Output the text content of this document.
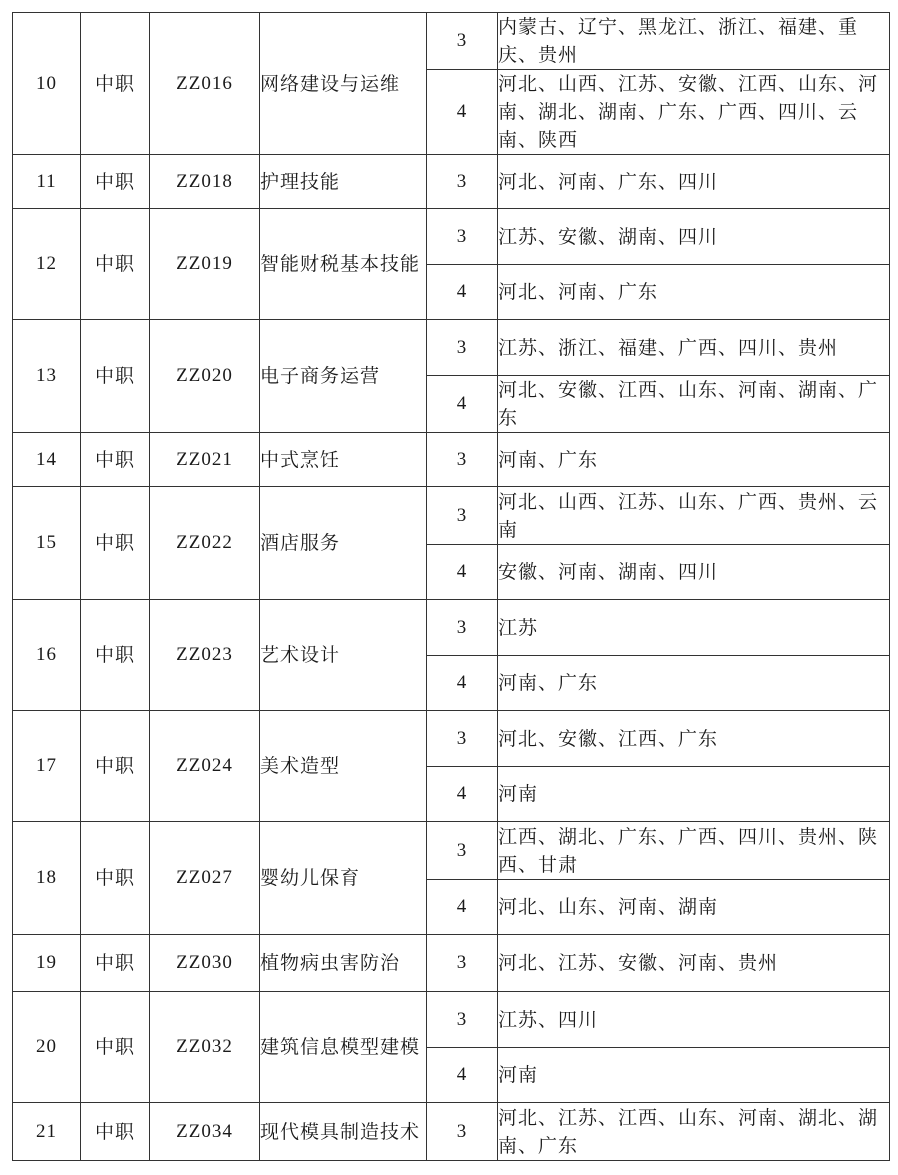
10	中职	ZZ016	网络建设与运维	3	内蒙古、辽宁、黑龙江、浙江、福建、重庆、贵州
				4	河北、山西、江苏、安徽、江西、山东、河南、湖北、湖南、广东、广西、四川、云南、陕西
11	中职	ZZ018	护理技能	3	河北、河南、广东、四川
12	中职	ZZ019	智能财税基本技能	3	江苏、安徽、湖南、四川
				4	河北、河南、广东
13	中职	ZZ020	电子商务运营	3	江苏、浙江、福建、广西、四川、贵州
				4	河北、安徽、江西、山东、河南、湖南、广东
14	中职	ZZ021	中式烹饪	3	河南、广东
15	中职	ZZ022	酒店服务	3	河北、山西、江苏、山东、广西、贵州、云南
				4	安徽、河南、湖南、四川
16	中职	ZZ023	艺术设计	3	江苏
				4	河南、广东
17	中职	ZZ024	美术造型	3	河北、安徽、江西、广东
				4	河南
18	中职	ZZ027	婴幼儿保育	3	江西、湖北、广东、广西、四川、贵州、陕西、甘肃
				4	河北、山东、河南、湖南
19	中职	ZZ030	植物病虫害防治	3	河北、江苏、安徽、河南、贵州
20	中职	ZZ032	建筑信息模型建模	3	江苏、四川
				4	河南
21	中职	ZZ034	现代模具制造技术	3	河北、江苏、江西、山东、河南、湖北、湖南、广东
